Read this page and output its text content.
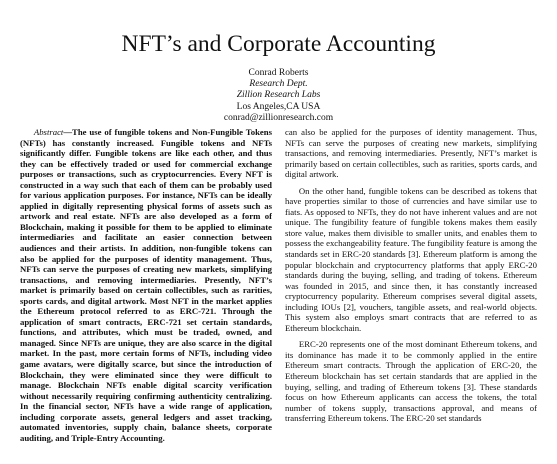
NFT’s and Corporate Accounting
Conrad Roberts
Research Dept.
Zillion Research Labs
Los Angeles,CA USA
conrad@zillionresearch.com

Abstract—The use of fungible tokens and Non-Fungible Tokens (NFTs) has constantly increased. Fungible tokens and NFTs significantly differ. Fungible tokens are like each other, and thus they can be effectively traded or used for commercial exchange purposes or transactions, such as cryptocurrencies. Every NFT is constructed in a way such that each of them can be probably used for various application purposes. For instance, NFTs can be ideally applied in digitally representing physical forms of assets such as artwork and real estate. NFTs are also developed as a form of Blockchain, making it possible for them to be applied to eliminate intermediaries and facilitate an easier connection between audiences and their artists. In addition, non-fungible tokens can also be applied for the purposes of identity management. Thus, NFTs can serve the purposes of creating new markets, simplifying transactions, and removing intermediaries. Presently, NFT’s market is primarily based on certain collectibles, such as rarities, sports cards, and digital artwork. Most NFT in the market applies the Ethereum protocol referred to as ERC-721. Through the application of smart contracts, ERC-721 set certain standards, functions, and attributes, which must be traded, owned, and managed. Since NFTs are unique, they are also scarce in the digital market. In the past, more certain forms of NFTs, including video game avatars, were digitally scarce, but since the introduction of Blockchain, they were eliminated since they were difficult to manage. Blockchain NFTs enable digital scarcity verification without necessarily requiring confirming authenticity centralizing. In the financial sector, NFTs have a wide range of application, including corporate assets, general ledgers and asset tracking, automated inventories, supply chain, balance sheets, corporate auditing, and Triple-Entry Accounting.

can also be applied for the purposes of identity management. Thus, NFTs can serve the purposes of creating new markets, simplifying transactions, and removing intermediaries. Presently, NFT’s market is primarily based on certain collectibles, such as rarities, sports cards, and digital artwork.

On the other hand, fungible tokens can be described as tokens that have properties similar to those of currencies and have similar use to fiats. As opposed to NFTs, they do not have inherent values and are not unique. The fungibility feature of fungible tokens makes them easily store value, makes them divisible to smaller units, and enables them to possess the exchangeability feature. The fungibility feature is among the standards set in ERC-20 standards [3]. Ethereum platform is among the popular blockchain and cryptocurrency platforms that apply ERC-20 standards during the buying, selling, and trading of tokens. Ethereum was founded in 2015, and since then, it has constantly increased cryptocurrency popularity. Ethereum comprises several digital assets, including IOUs [2], vouchers, tangible assets, and real-world objects. This system also employs smart contracts that are referred to as Ethereum blockchain.

ERC-20 represents one of the most dominant Ethereum tokens, and its dominance has made it to be commonly applied in the entire Ethereum smart contracts. Through the application of ERC-20, the Ethereum blockchain has set certain standards that are applied in the buying, selling, and trading of Ethereum tokens [3]. These standards focus on how Ethereum applicants can access the tokens, the total number of tokens supply, transactions approval, and means of transferring Ethereum tokens. The ERC-20 set standards
